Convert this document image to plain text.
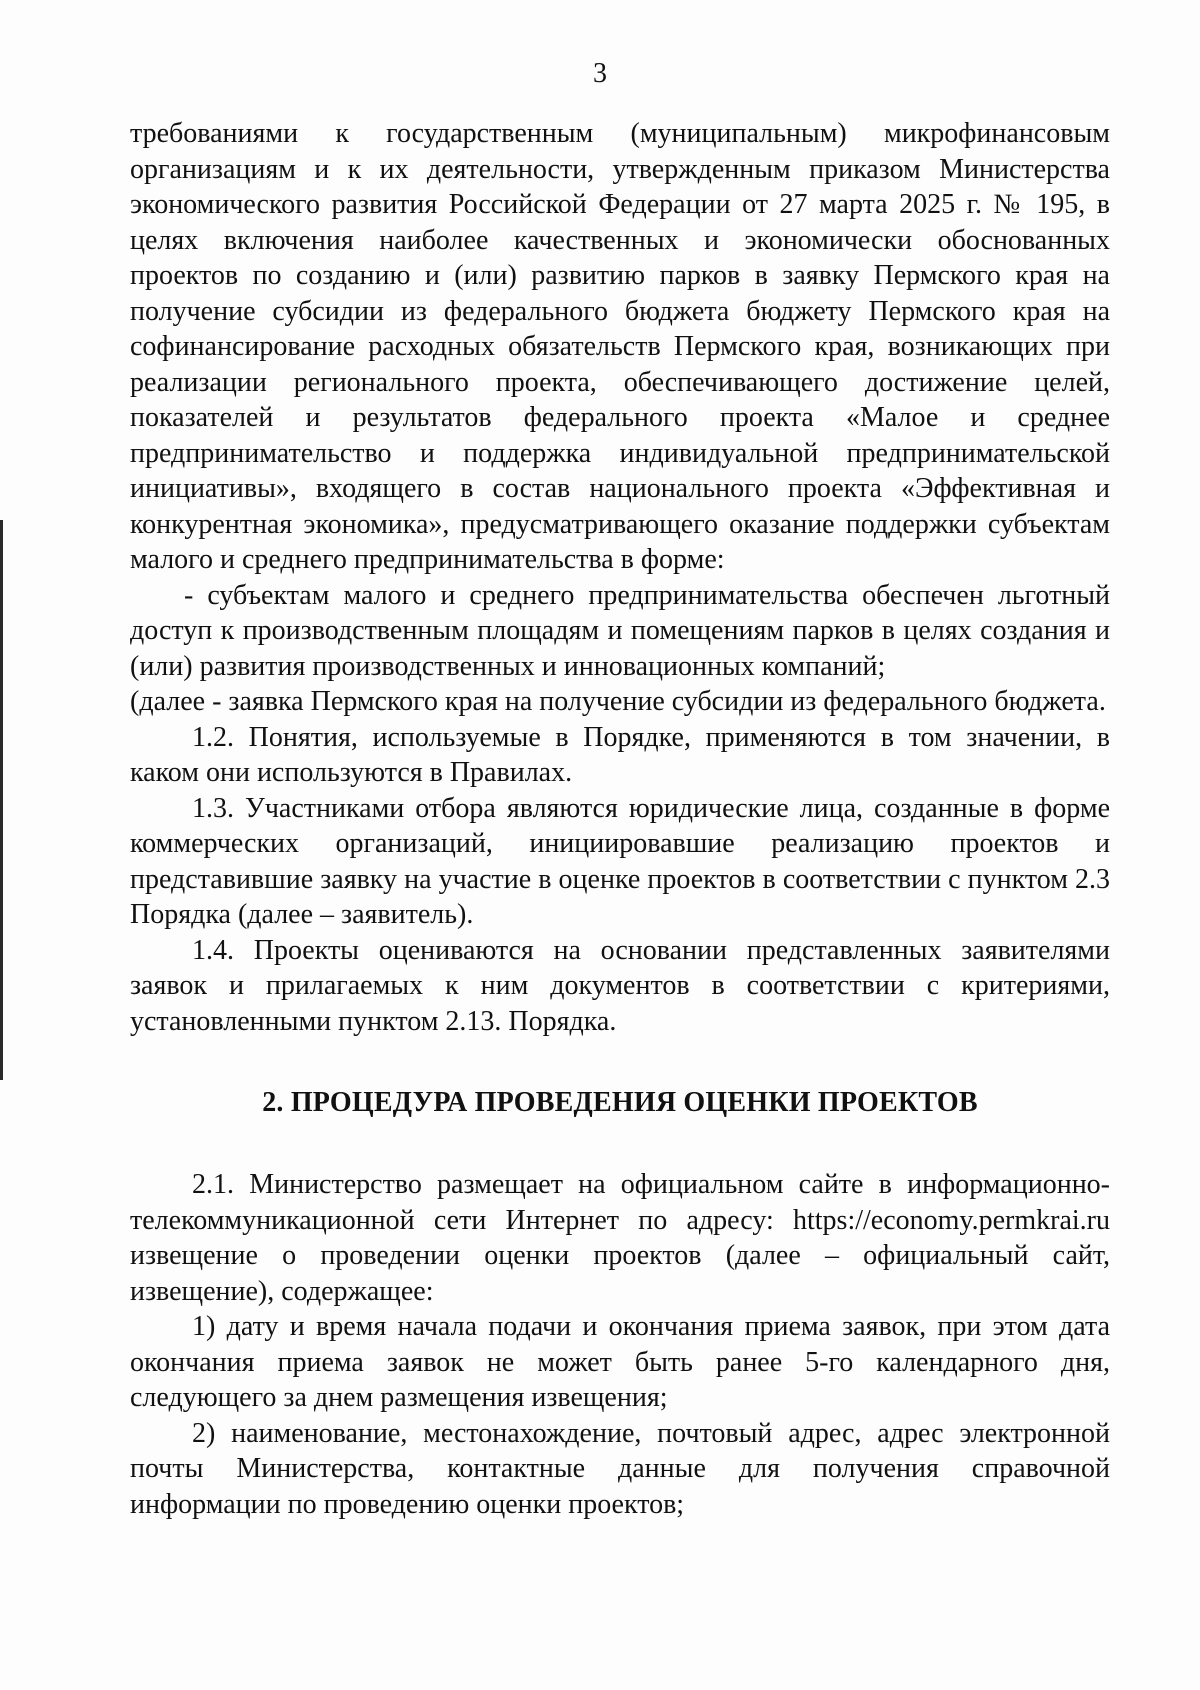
3

требованиями к государственным (муниципальным) микрофинансовым организациям и к их деятельности, утвержденным приказом Министерства экономического развития Российской Федерации от 27 марта 2025 г. № 195, в целях включения наиболее качественных и экономически обоснованных проектов по созданию и (или) развитию парков в заявку Пермского края на получение субсидии из федерального бюджета бюджету Пермского края на софинансирование расходных обязательств Пермского края, возникающих при реализации регионального проекта, обеспечивающего достижение целей, показателей и результатов федерального проекта «Малое и среднее предпринимательство и поддержка индивидуальной предпринимательской инициативы», входящего в состав национального проекта «Эффективная и конкурентная экономика», предусматривающего оказание поддержки субъектам малого и среднего предпринимательства в форме:

- субъектам малого и среднего предпринимательства обеспечен льготный доступ к производственным площадям и помещениям парков в целях создания и (или) развития производственных и инновационных компаний;

(далее - заявка Пермского края на получение субсидии из федерального бюджета.

1.2. Понятия, используемые в Порядке, применяются в том значении, в каком они используются в Правилах.

1.3. Участниками отбора являются юридические лица, созданные в форме коммерческих организаций, инициировавшие реализацию проектов и представившие заявку на участие в оценке проектов в соответствии с пунктом 2.3 Порядка (далее – заявитель).

1.4. Проекты оцениваются на основании представленных заявителями заявок и прилагаемых к ним документов в соответствии с критериями, установленными пунктом 2.13. Порядка.

2. ПРОЦЕДУРА ПРОВЕДЕНИЯ ОЦЕНКИ ПРОЕКТОВ

2.1. Министерство размещает на официальном сайте в информационно-телекоммуникационной сети Интернет по адресу: https://economy.permkrai.ru извещение о проведении оценки проектов (далее – официальный сайт, извещение), содержащее:

1) дату и время начала подачи и окончания приема заявок, при этом дата окончания приема заявок не может быть ранее 5-го календарного дня, следующего за днем размещения извещения;

2) наименование, местонахождение, почтовый адрес, адрес электронной почты Министерства, контактные данные для получения справочной информации по проведению оценки проектов;
